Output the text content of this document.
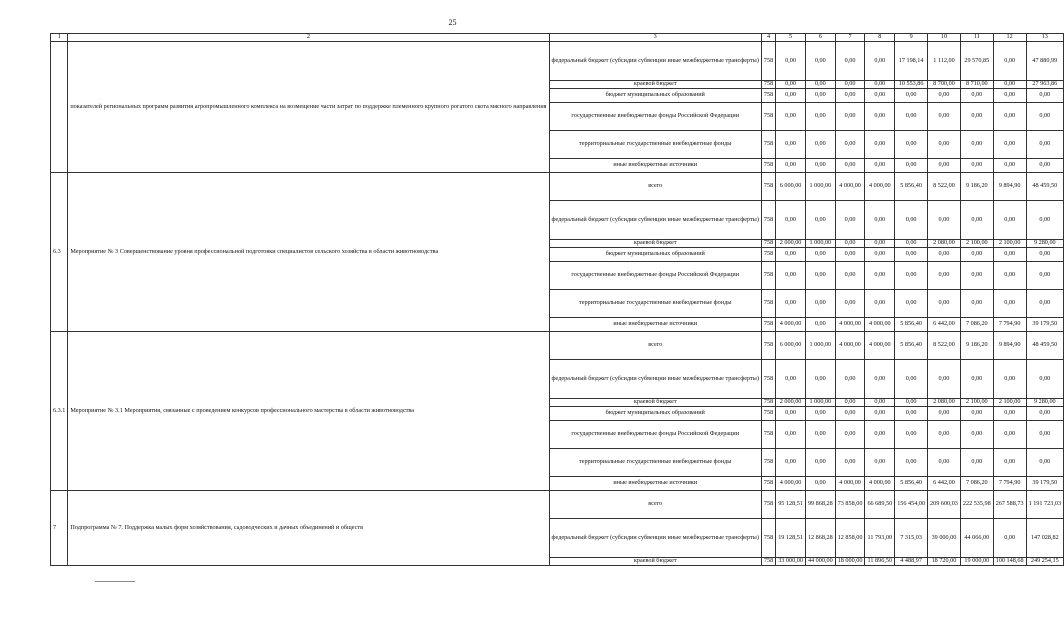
25
1	2	3	4	5	6	7	8	9	10	11	12	13
	показателей региональных программ развития агропромышленного комплекса на возмещение части затрат по поддержке племенного крупного рогатого скота мясного направления	федеральный бюджет (субсидии субвенции иные межбюджетные трансферты)	758	0,00	0,00	0,00	0,00	17 198,14	1 112,00	29 570,85	0,00	47 880,99
		краевой бюджет	758	0,00	0,00	0,00	0,00	10 553,86	8 700,00	8 710,00	0,00	27 963,86
		бюджет муниципальных образований	758	0,00	0,00	0,00	0,00	0,00	0,00	0,00	0,00	0,00
		государственные внебюджетные фонды Российской Федерации	758	0,00	0,00	0,00	0,00	0,00	0,00	0,00	0,00	0,00
		территориальные государственные внебюджетные фонды	758	0,00	0,00	0,00	0,00	0,00	0,00	0,00	0,00	0,00
		иные внебюджетные источники	758	0,00	0,00	0,00	0,00	0,00	0,00	0,00	0,00	0,00
6.3	Мероприятие № 3 Совершенствование уровня профессиональной подготовки специалистов сельского хозяйства в области животноводства	всего	758	6 000,00	1 000,00	4 000,00	4 000,00	5 856,40	8 522,00	9 186,20	9 894,90	48 459,50
		федеральный бюджет (субсидии субвенции иные межбюджетные трансферты)	758	0,00	0,00	0,00	0,00	0,00	0,00	0,00	0,00	0,00
		краевой бюджет	758	2 000,00	1 000,00	0,00	0,00	0,00	2 080,00	2 100,00	2 100,00	9 280,00
		бюджет муниципальных образований	758	0,00	0,00	0,00	0,00	0,00	0,00	0,00	0,00	0,00
		государственные внебюджетные фонды Российской Федерации	758	0,00	0,00	0,00	0,00	0,00	0,00	0,00	0,00	0,00
		территориальные государственные внебюджетные фонды	758	0,00	0,00	0,00	0,00	0,00	0,00	0,00	0,00	0,00
		иные внебюджетные источники	758	4 000,00	0,00	4 000,00	4 000,00	5 856,40	6 442,00	7 086,20	7 794,90	39 179,50
6.3.1	Мероприятие № 3.1 Мероприятия, связанные с проведением конкурсов профессионального мастерства в области животноводства	всего	758	6 000,00	1 000,00	4 000,00	4 000,00	5 856,40	8 522,00	9 186,20	9 894,90	48 459,50
		федеральный бюджет (субсидии субвенции иные межбюджетные трансферты)	758	0,00	0,00	0,00	0,00	0,00	0,00	0,00	0,00	0,00
		краевой бюджет	758	2 000,00	1 000,00	0,00	0,00	0,00	2 080,00	2 100,00	2 100,00	9 280,00
		бюджет муниципальных образований	758	0,00	0,00	0,00	0,00	0,00	0,00	0,00	0,00	0,00
		государственные внебюджетные фонды Российской Федерации	758	0,00	0,00	0,00	0,00	0,00	0,00	0,00	0,00	0,00
		территориальные государственные внебюджетные фонды	758	0,00	0,00	0,00	0,00	0,00	0,00	0,00	0,00	0,00
		иные внебюджетные источники	758	4 000,00	0,00	4 000,00	4 000,00	5 856,40	6 442,00	7 086,20	7 794,90	39 179,50
7	Подпрограмма № 7. Поддержка малых форм хозяйствования, садоводческих и дачных объединений и обществ	всего	758	95 128,51	99 868,28	73 858,00	66 689,50	156 454,00	209 600,03	222 535,98	267 588,73	1 191 723,03
		федеральный бюджет (субсидии субвенции иные межбюджетные трансферты)	758	19 128,51	12 868,28	12 858,00	11 793,00	7 315,03	39 000,00	44 066,00	0,00	147 028,82
		краевой бюджет	758	33 000,00	44 000,00	18 000,00	11 896,50	4 488,97	18 720,00	19 000,00	100 148,68	249 254,15
